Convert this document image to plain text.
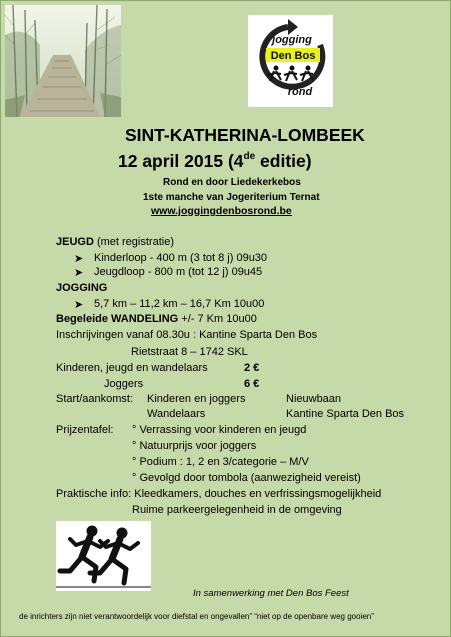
jogging
Den Bos
rond
SINT-KATHERINA-LOMBEEK
12 april 2015 (4de editie)
Rond en door Liedekerkebos
1ste manche van Jogeriterium Ternat
www.joggingdenbosrond.be
JEUGD (met registratie)
➤ Kinderloop - 400 m (3 tot 8 j) 09u30
➤ Jeugdloop - 800 m (tot 12 j) 09u45
JOGGING
➤ 5,7 km – 11,2 km – 16,7 Km 10u00
Begeleide WANDELING +/- 7 Km 10u00
Inschrijvingen vanaf 08.30u : Kantine Sparta Den Bos
Rietstraat 8 – 1742 SKL
Kinderen, jeugd en wandelaars	2 €
Joggers	6 €
Start/aankomst: Kinderen en joggers	Nieuwbaan
Wandelaars	Kantine Sparta Den Bos
Prijzentafel: ° Verrassing voor kinderen en jeugd
° Natuurprijs voor joggers
° Podium : 1, 2 en 3/categorie – M/V
° Gevolgd door tombola (aanwezigheid vereist)
Praktische info: Kleedkamers, douches en verfrissingsmogelijkheid
Ruime parkeergelegenheid in de omgeving
In samenwerking met Den Bos Feest
de inrichters zijn niet verantwoordelijk voor diefstal en ongevallen” “niet op de openbare weg gooien”
